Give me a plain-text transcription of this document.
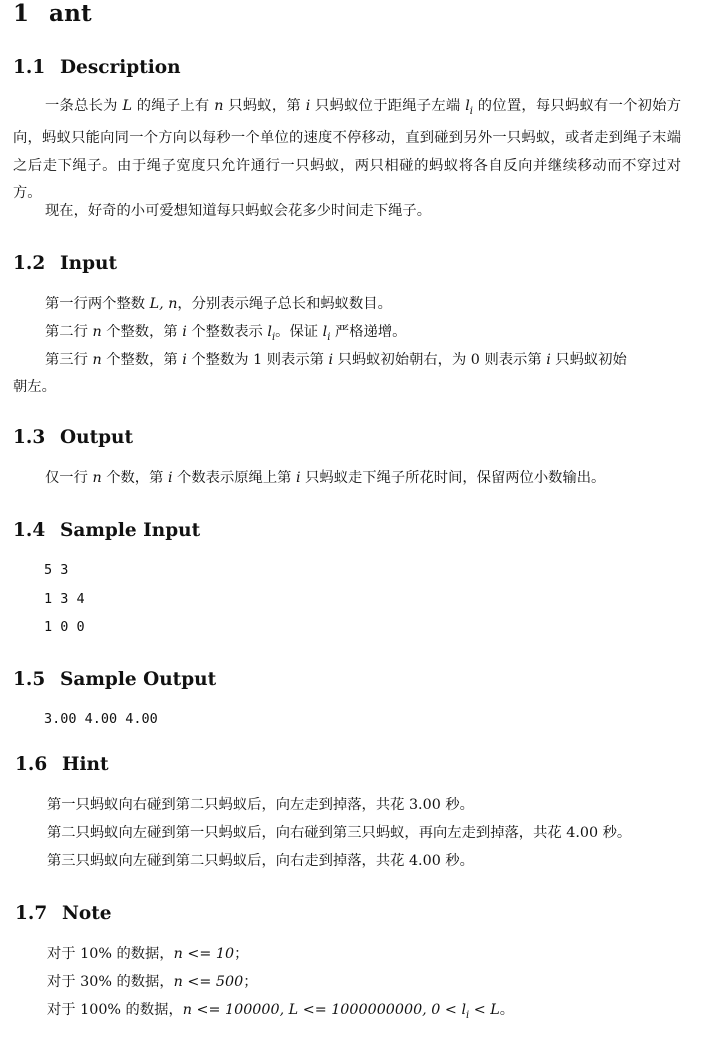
1 ant
1.1 Description

一条总长为 L 的绳子上有 n 只蚂蚁，第 i 只蚂蚁位于距绳子左端 $l_i$ 的位置，每只蚂蚁有一个初始方向，蚂蚁只能向同一个方向以每秒一个单位的速度不停移动，直到碰到另外一只蚂蚁，或者走到绳子末端之后走下绳子。由于绳子宽度只允许通行一只蚂蚁，两只相碰的蚂蚁将各自反向并继续移动而不穿过对方。

现在，好奇的小可爱想知道每只蚂蚁会花多少时间走下绳子。

1.2 Input

第一行两个整数 L, n，分别表示绳子总长和蚂蚁数目。

第二行 n 个整数，第 i 个整数表示 $l_i$。保证 $l_i$ 严格递增。

第三行 n 个整数，第 i 个整数为 1 则表示第 i 只蚂蚁初始朝右，为 0 则表示第 i 只蚂蚁初始

朝左。

1.3 Output

仅一行 n 个数，第 i 个数表示原绳上第 i 只蚂蚁走下绳子所花时间，保留两位小数输出。

1.4 Sample Input

5 3

1 3 4

1 0 0

1.5 Sample Output

3.00 4.00 4.00

1.6 Hint

第一只蚂蚁向右碰到第二只蚂蚁后，向左走到掉落，共花 3.00 秒。

第二只蚂蚁向左碰到第一只蚂蚁后，向右碰到第三只蚂蚁，再向左走到掉落，共花 4.00 秒。

第三只蚂蚁向左碰到第二只蚂蚁后，向右走到掉落，共花 4.00 秒。

1.7 Note

对于 10% 的数据，n <= 10；

对于 30% 的数据，n <= 500；

对于 100% 的数据，n <= 100000, L <= 1000000000, $0 < l_i < L$。
